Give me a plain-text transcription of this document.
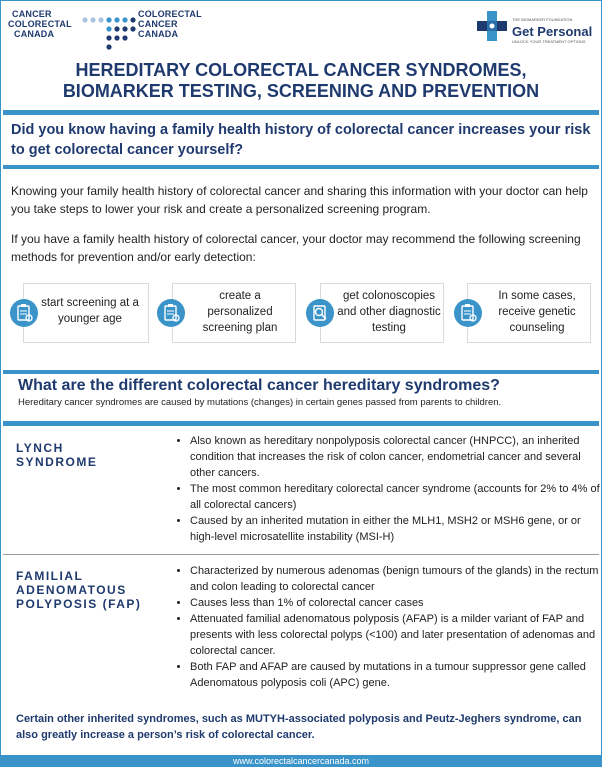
CANCER
COLORECTAL
CANADA
COLORECTAL
CANCER
CANADA
THE BIOMARKER FOUNDATION
Get Personal
UNLOCK YOUR TREATMENT OPTIONS
HEREDITARY COLORECTAL CANCER SYNDROMES,
BIOMARKER TESTING, SCREENING AND PREVENTION
Did you know having a family health history of colorectal cancer increases your risk to get colorectal cancer yourself?

Knowing your family health history of colorectal cancer and sharing this information with your doctor can help you take steps to lower your risk and create a personalized screening program.

If you have a family health history of colorectal cancer, your doctor may recommend the following screening methods for prevention and/or early detection:

start screening at a younger age
create a personalized screening plan
get colonoscopies and other diagnostic testing
In some cases, receive genetic counseling
What are the different colorectal cancer hereditary syndromes?
Hereditary cancer syndromes are caused by mutations (changes) in certain genes passed from parents to children.
LYNCH
SYNDROME
• Also known as hereditary nonpolyposis colorectal cancer (HNPCC), an inherited condition that increases the risk of colon cancer, endometrial cancer and several other cancers.
• The most common hereditary colorectal cancer syndrome (accounts for 2% to 4% of all colorectal cancers)
• Caused by an inherited mutation in either the MLH1, MSH2 or MSH6 gene, or or high-level microsatellite instability (MSI-H)
FAMILIAL
ADENOMATOUS
POLYPOSIS (FAP)
• Characterized by numerous adenomas (benign tumours of the glands) in the rectum and colon leading to colorectal cancer
• Causes less than 1% of colorectal cancer cases
• Attenuated familial adenomatous polyposis (AFAP) is a milder variant of FAP and presents with less colorectal polyps (<100) and later presentation of adenomas and colorectal cancer.
• Both FAP and AFAP are caused by mutations in a tumour suppressor gene called Adenomatous polyposis coli (APC) gene.
Certain other inherited syndromes, such as MUTYH-associated polyposis and Peutz-Jeghers syndrome, can also greatly increase a person’s risk of colorectal cancer.
www.colorectalcancercanada.com
